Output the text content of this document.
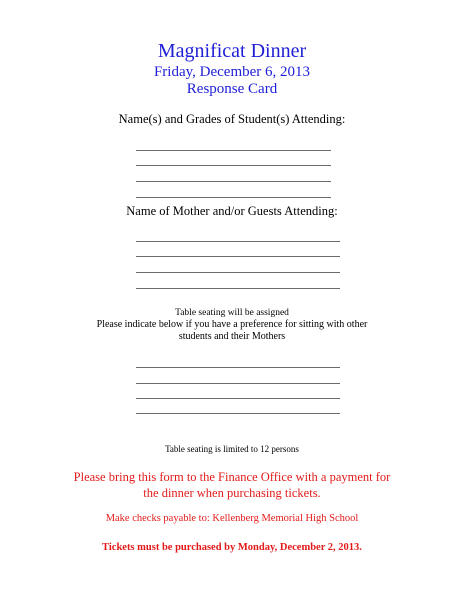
Magnificat Dinner
Friday, December 6, 2013
Response Card
Name(s) and Grades of Student(s) Attending:
Name of Mother and/or Guests Attending:
Table seating will be assigned
Please indicate below if you have a preference for sitting with other
students and their Mothers
Table seating is limited to 12 persons
Please bring this form to the Finance Office with a payment for
the dinner when purchasing tickets.
Make checks payable to: Kellenberg Memorial High School
Tickets must be purchased by Monday, December 2, 2013.
